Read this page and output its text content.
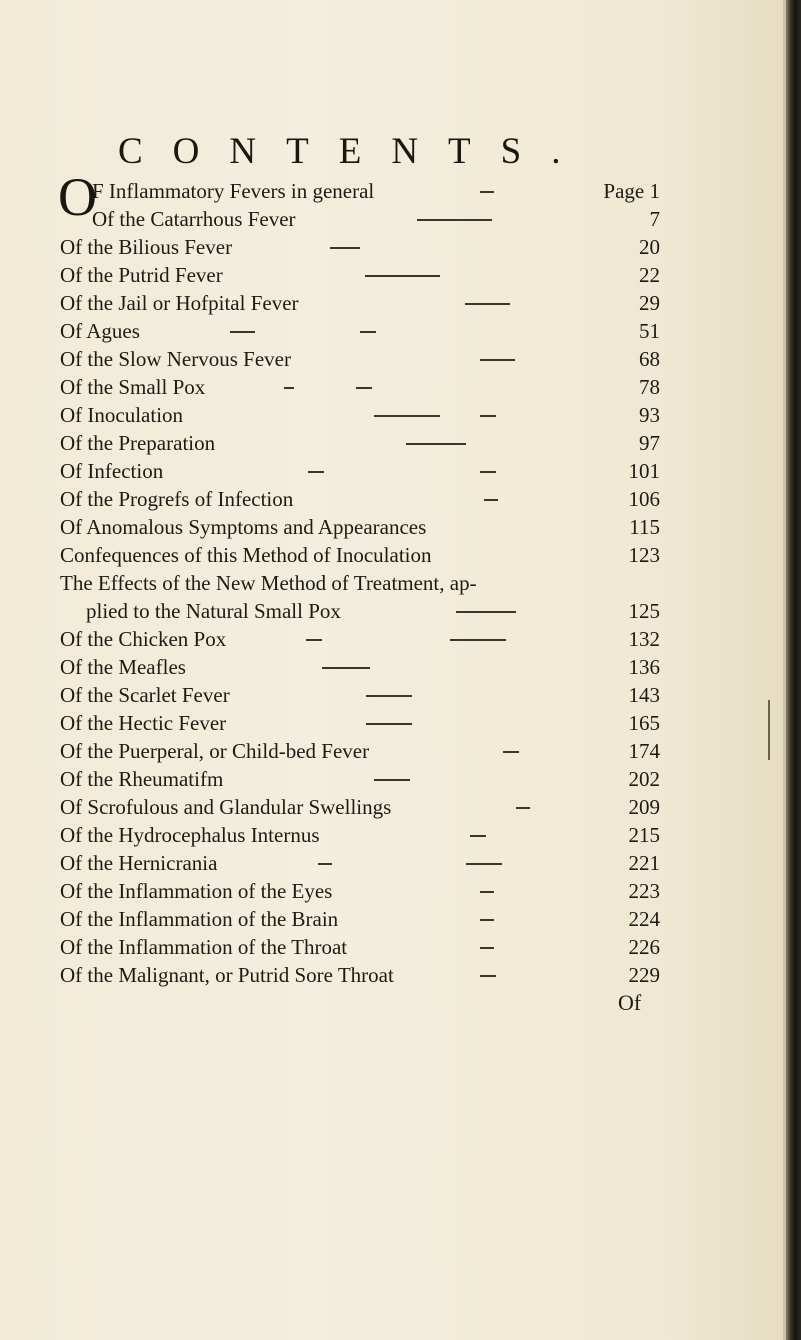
CONTENTS.
O
F Inflammatory Fevers in general	Page 1
Of the Catarrhous Fever	7
Of the Bilious Fever	20
Of the Putrid Fever	22
Of the Jail or Hofpital Fever	29
Of Agues	51
Of the Slow Nervous Fever	68
Of the Small Pox	78
Of Inoculation	93
Of the Preparation	97
Of Infection	101
Of the Progrefs of Infection	106
Of Anomalous Symptoms and Appearances	115
Confequences of this Method of Inoculation	123
The Effects of the New Method of Treatment, ap-
plied to the Natural Small Pox	125
Of the Chicken Pox	132
Of the Meafles	136
Of the Scarlet Fever	143
Of the Hectic Fever	165
Of the Puerperal, or Child-bed Fever	174
Of the Rheumatifm	202
Of Scrofulous and Glandular Swellings	209
Of the Hydrocephalus Internus	215
Of the Hernicrania	221
Of the Inflammation of the Eyes	223
Of the Inflammation of the Brain	224
Of the Inflammation of the Throat	226
Of the Malignant, or Putrid Sore Throat	229
Of
